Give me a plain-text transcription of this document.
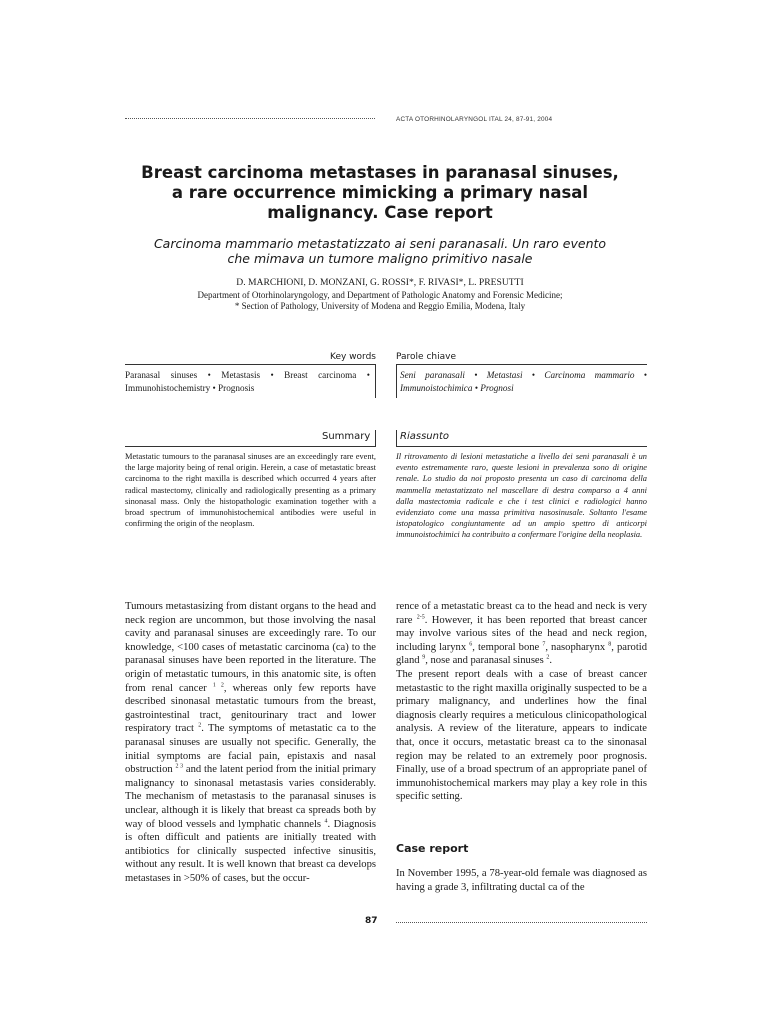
ACTA OTORHINOLARYNGOL ITAL 24, 87-91, 2004
Breast carcinoma metastases in paranasal sinuses,
a rare occurrence mimicking a primary nasal
malignancy. Case report
Carcinoma mammario metastatizzato ai seni paranasali. Un raro evento
che mimava un tumore maligno primitivo nasale
D. MARCHIONI, D. MONZANI, G. ROSSI*, F. RIVASI*, L. PRESUTTI
Department of Otorhinolaryngology, and Department of Pathologic Anatomy and Forensic Medicine;
* Section of Pathology, University of Modena and Reggio Emilia, Modena, Italy
Key words
Paranasal sinuses • Metastasis • Breast carcinoma • Immunohistochemistry • Prognosis
Parole chiave
Seni paranasali • Metastasi • Carcinoma mammario • Immunoistochimica • Prognosi
Summary
Metastatic tumours to the paranasal sinuses are an exceedingly rare event, the large majority being of renal origin. Herein, a case of metastatic breast carcinoma to the right maxilla is described which occurred 4 years after radical mastectomy, clinically and radiologically presenting as a primary sinonasal mass. Only the histopathologic examination together with a broad spectrum of immunohistochemical antibodies were useful in confirming the origin of the neoplasm.
Riassunto
Il ritrovamento di lesioni metastatiche a livello dei seni paranasali è un evento estremamente raro, queste lesioni in prevalenza sono di origine renale. Lo studio da noi proposto presenta un caso di carcinoma della mammella metastatizzato nel mascellare di destra comparso a 4 anni dalla mastectomia radicale e che i test clinici e radiologici hanno evidenziato come una massa primitiva nasosinusale. Soltanto l'esame istopatologico congiuntamente ad un ampio spettro di anticorpi immunoistochimici ha contribuito a confermare l'origine della neoplasia.

Tumours metastasizing from distant organs to the head and neck region are uncommon, but those involving the nasal cavity and paranasal sinuses are exceedingly rare. To our knowledge, <100 cases of metastatic carcinoma (ca) to the paranasal sinuses have been reported in the literature. The origin of metastatic tumours, in this anatomic site, is often from renal cancer $^{1 2}$, whereas only few reports have described sinonasal metastatic tumours from the breast, gastrointestinal tract, genitourinary tract and lower respiratory tract $^2$. The symptoms of metastatic ca to the paranasal sinuses are usually not specific. Generally, the initial symptoms are facial pain, epistaxis and nasal obstruction $^{2 3}$ and the latent period from the initial primary malignancy to sinonasal metastasis varies considerably. The mechanism of metastasis to the paranasal sinuses is unclear, although it is likely that breast ca spreads both by way of blood vessels and lymphatic channels $^4$. Diagnosis is often difficult and patients are initially treated with antibiotics for clinically suspected infective sinusitis, without any result. It is well known that breast ca develops metastases in >50% of cases, but the occur-

rence of a metastatic breast ca to the head and neck is very rare $^{2-5}$. However, it has been reported that breast cancer may involve various sites of the head and neck region, including larynx $^6$, temporal bone $^7$, nasopharynx $^8$, parotid gland $^9$, nose and paranasal sinuses $^2$.

The present report deals with a case of breast cancer metastastic to the right maxilla originally suspected to be a primary malignancy, and underlines how the final diagnosis clearly requires a meticulous clinicopathological analysis. A review of the literature, appears to indicate that, once it occurs, metastatic breast ca to the sinonasal region may be related to an extremely poor prognosis. Finally, use of a broad spectrum of an appropriate panel of immunohistochemical markers may play a key role in this specific setting.

Case report
In November 1995, a 78-year-old female was diagnosed as having a grade 3, infiltrating ductal ca of the
87
